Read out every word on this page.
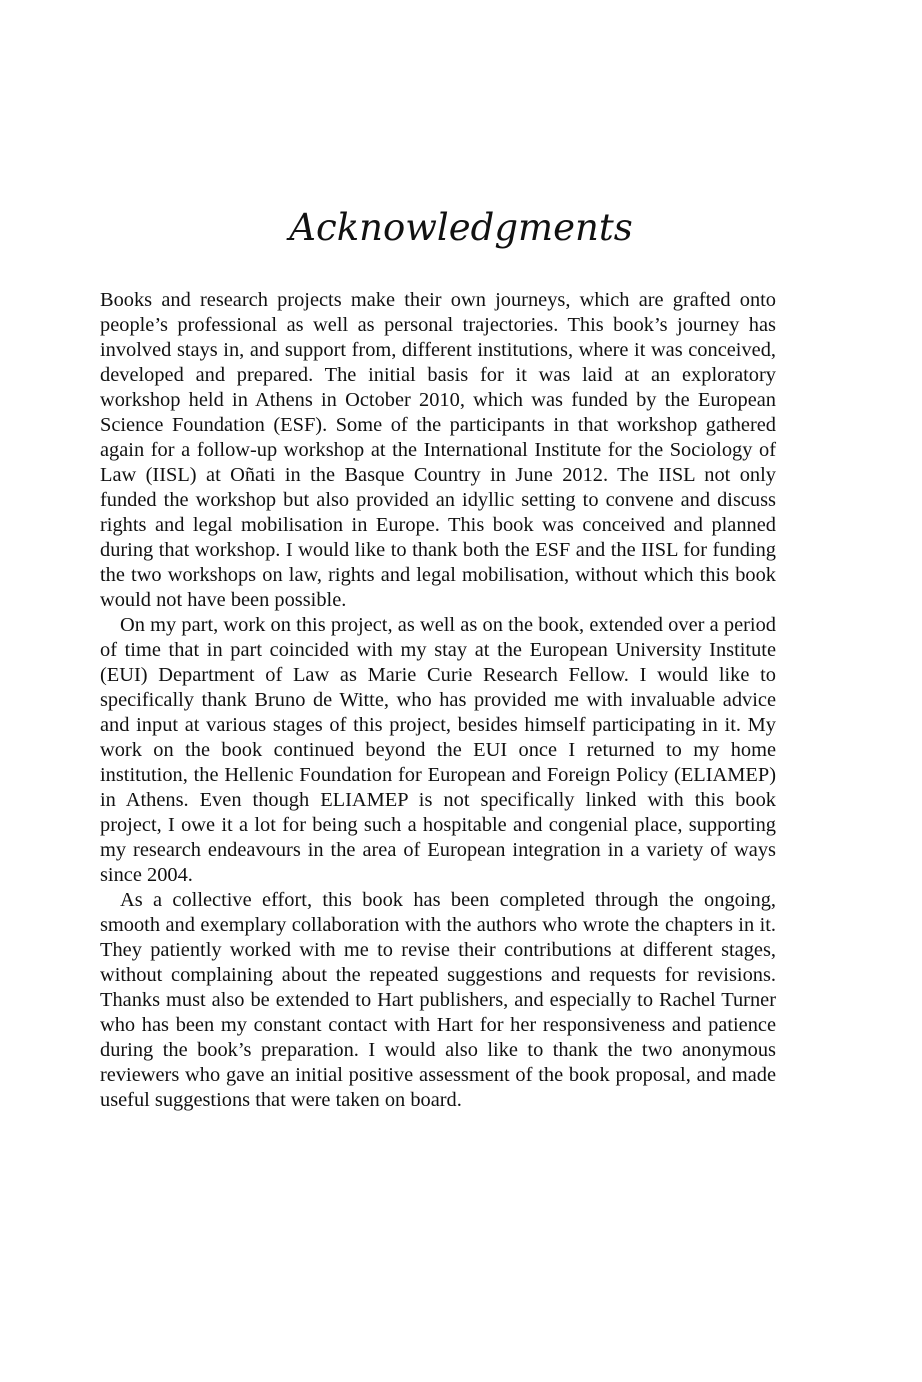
Acknowledgments

Books and research projects make their own journeys, which are grafted onto people’s professional as well as personal trajectories. This book’s journey has involved stays in, and support from, different institutions, where it was conceived, developed and prepared. The initial basis for it was laid at an exploratory workshop held in Athens in October 2010, which was funded by the European Science Foundation (ESF). Some of the participants in that workshop gathered again for a follow-up workshop at the International Institute for the Sociology of Law (IISL) at Oñati in the Basque Country in June 2012. The IISL not only funded the workshop but also provided an idyllic setting to convene and discuss rights and legal mobilisation in Europe. This book was conceived and planned during that workshop. I would like to thank both the ESF and the IISL for funding the two workshops on law, rights and legal mobilisation, without which this book would not have been possible.

On my part, work on this project, as well as on the book, extended over a period of time that in part coincided with my stay at the European University Institute (EUI) Department of Law as Marie Curie Research Fellow. I would like to specifically thank Bruno de Witte, who has provided me with invaluable advice and input at various stages of this project, besides himself participating in it. My work on the book continued beyond the EUI once I returned to my home institution, the Hellenic Foundation for European and Foreign Policy (ELIAMEP) in Athens. Even though ELIAMEP is not specifically linked with this book project, I owe it a lot for being such a hospitable and congenial place, supporting my research endeavours in the area of European integration in a variety of ways since 2004.

As a collective effort, this book has been completed through the ongoing, smooth and exemplary collaboration with the authors who wrote the chapters in it. They patiently worked with me to revise their contributions at different stages, without complaining about the repeated suggestions and requests for revisions. Thanks must also be extended to Hart publishers, and especially to Rachel Turner who has been my constant contact with Hart for her responsiveness and patience during the book’s preparation. I would also like to thank the two anonymous reviewers who gave an initial positive assessment of the book proposal, and made useful suggestions that were taken on board.
